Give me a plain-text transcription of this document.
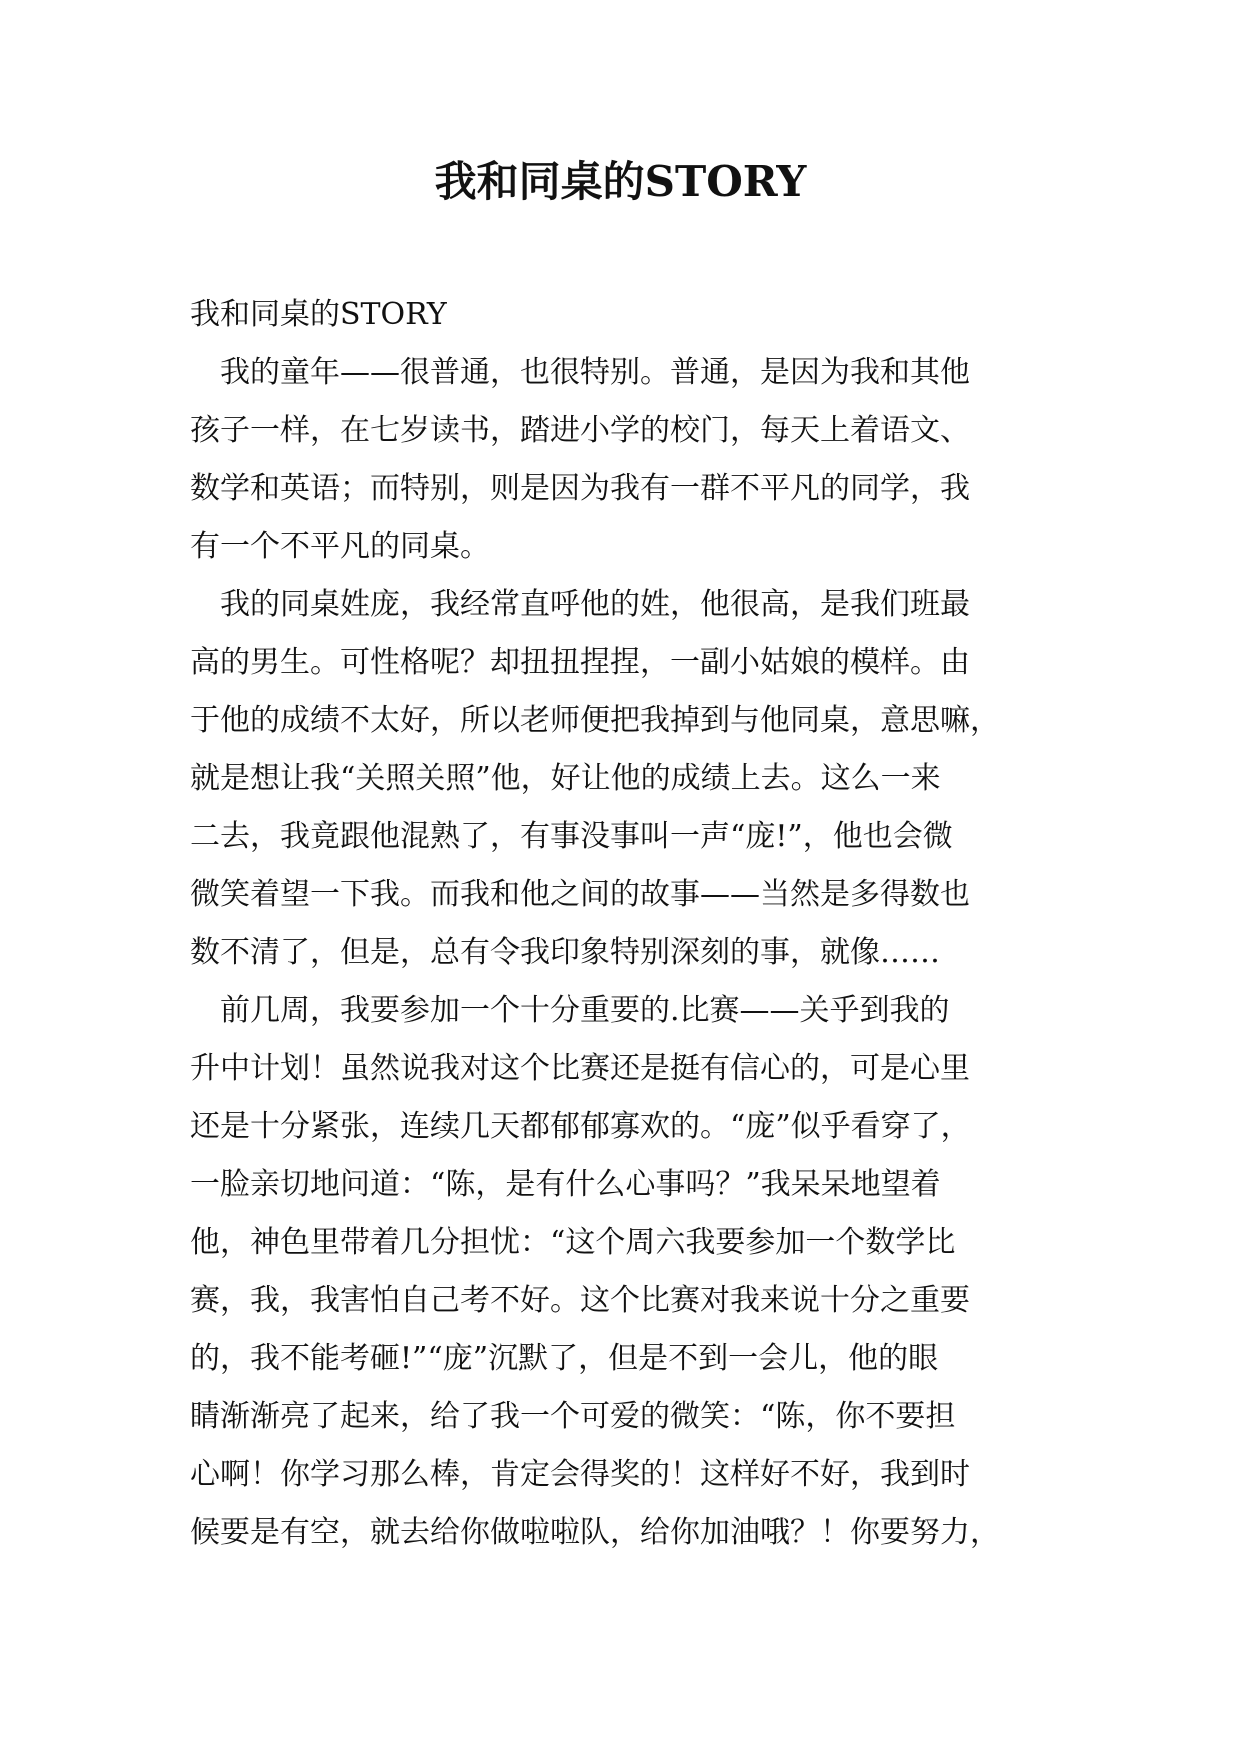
我和同桌的STORY
我和同桌的STORY
　我的童年——很普通，也很特别。普通，是因为我和其他
孩子一样，在七岁读书，踏进小学的校门，每天上着语文、
数学和英语；而特别，则是因为我有一群不平凡的同学，我
有一个不平凡的同桌。
　我的同桌姓庞，我经常直呼他的姓，他很高，是我们班最
高的男生。可性格呢？却扭扭捏捏，一副小姑娘的模样。由
于他的成绩不太好，所以老师便把我掉到与他同桌，意思嘛，
就是想让我“关照关照”他，好让他的成绩上去。这么一来
二去，我竟跟他混熟了，有事没事叫一声“庞!”，他也会微
微笑着望一下我。而我和他之间的故事——当然是多得数也
数不清了，但是，总有令我印象特别深刻的事，就像……
　前几周，我要参加一个十分重要的.比赛——关乎到我的
升中计划！虽然说我对这个比赛还是挺有信心的，可是心里
还是十分紧张，连续几天都郁郁寡欢的。“庞”似乎看穿了，
一脸亲切地问道：“陈，是有什么心事吗？”我呆呆地望着
他，神色里带着几分担忧：“这个周六我要参加一个数学比
赛，我，我害怕自己考不好。这个比赛对我来说十分之重要
的，我不能考砸!”“庞”沉默了，但是不到一会儿，他的眼
睛渐渐亮了起来，给了我一个可爱的微笑：“陈，你不要担
心啊！你学习那么棒，肯定会得奖的！这样好不好，我到时
候要是有空，就去给你做啦啦队，给你加油哦？！你要努力，
